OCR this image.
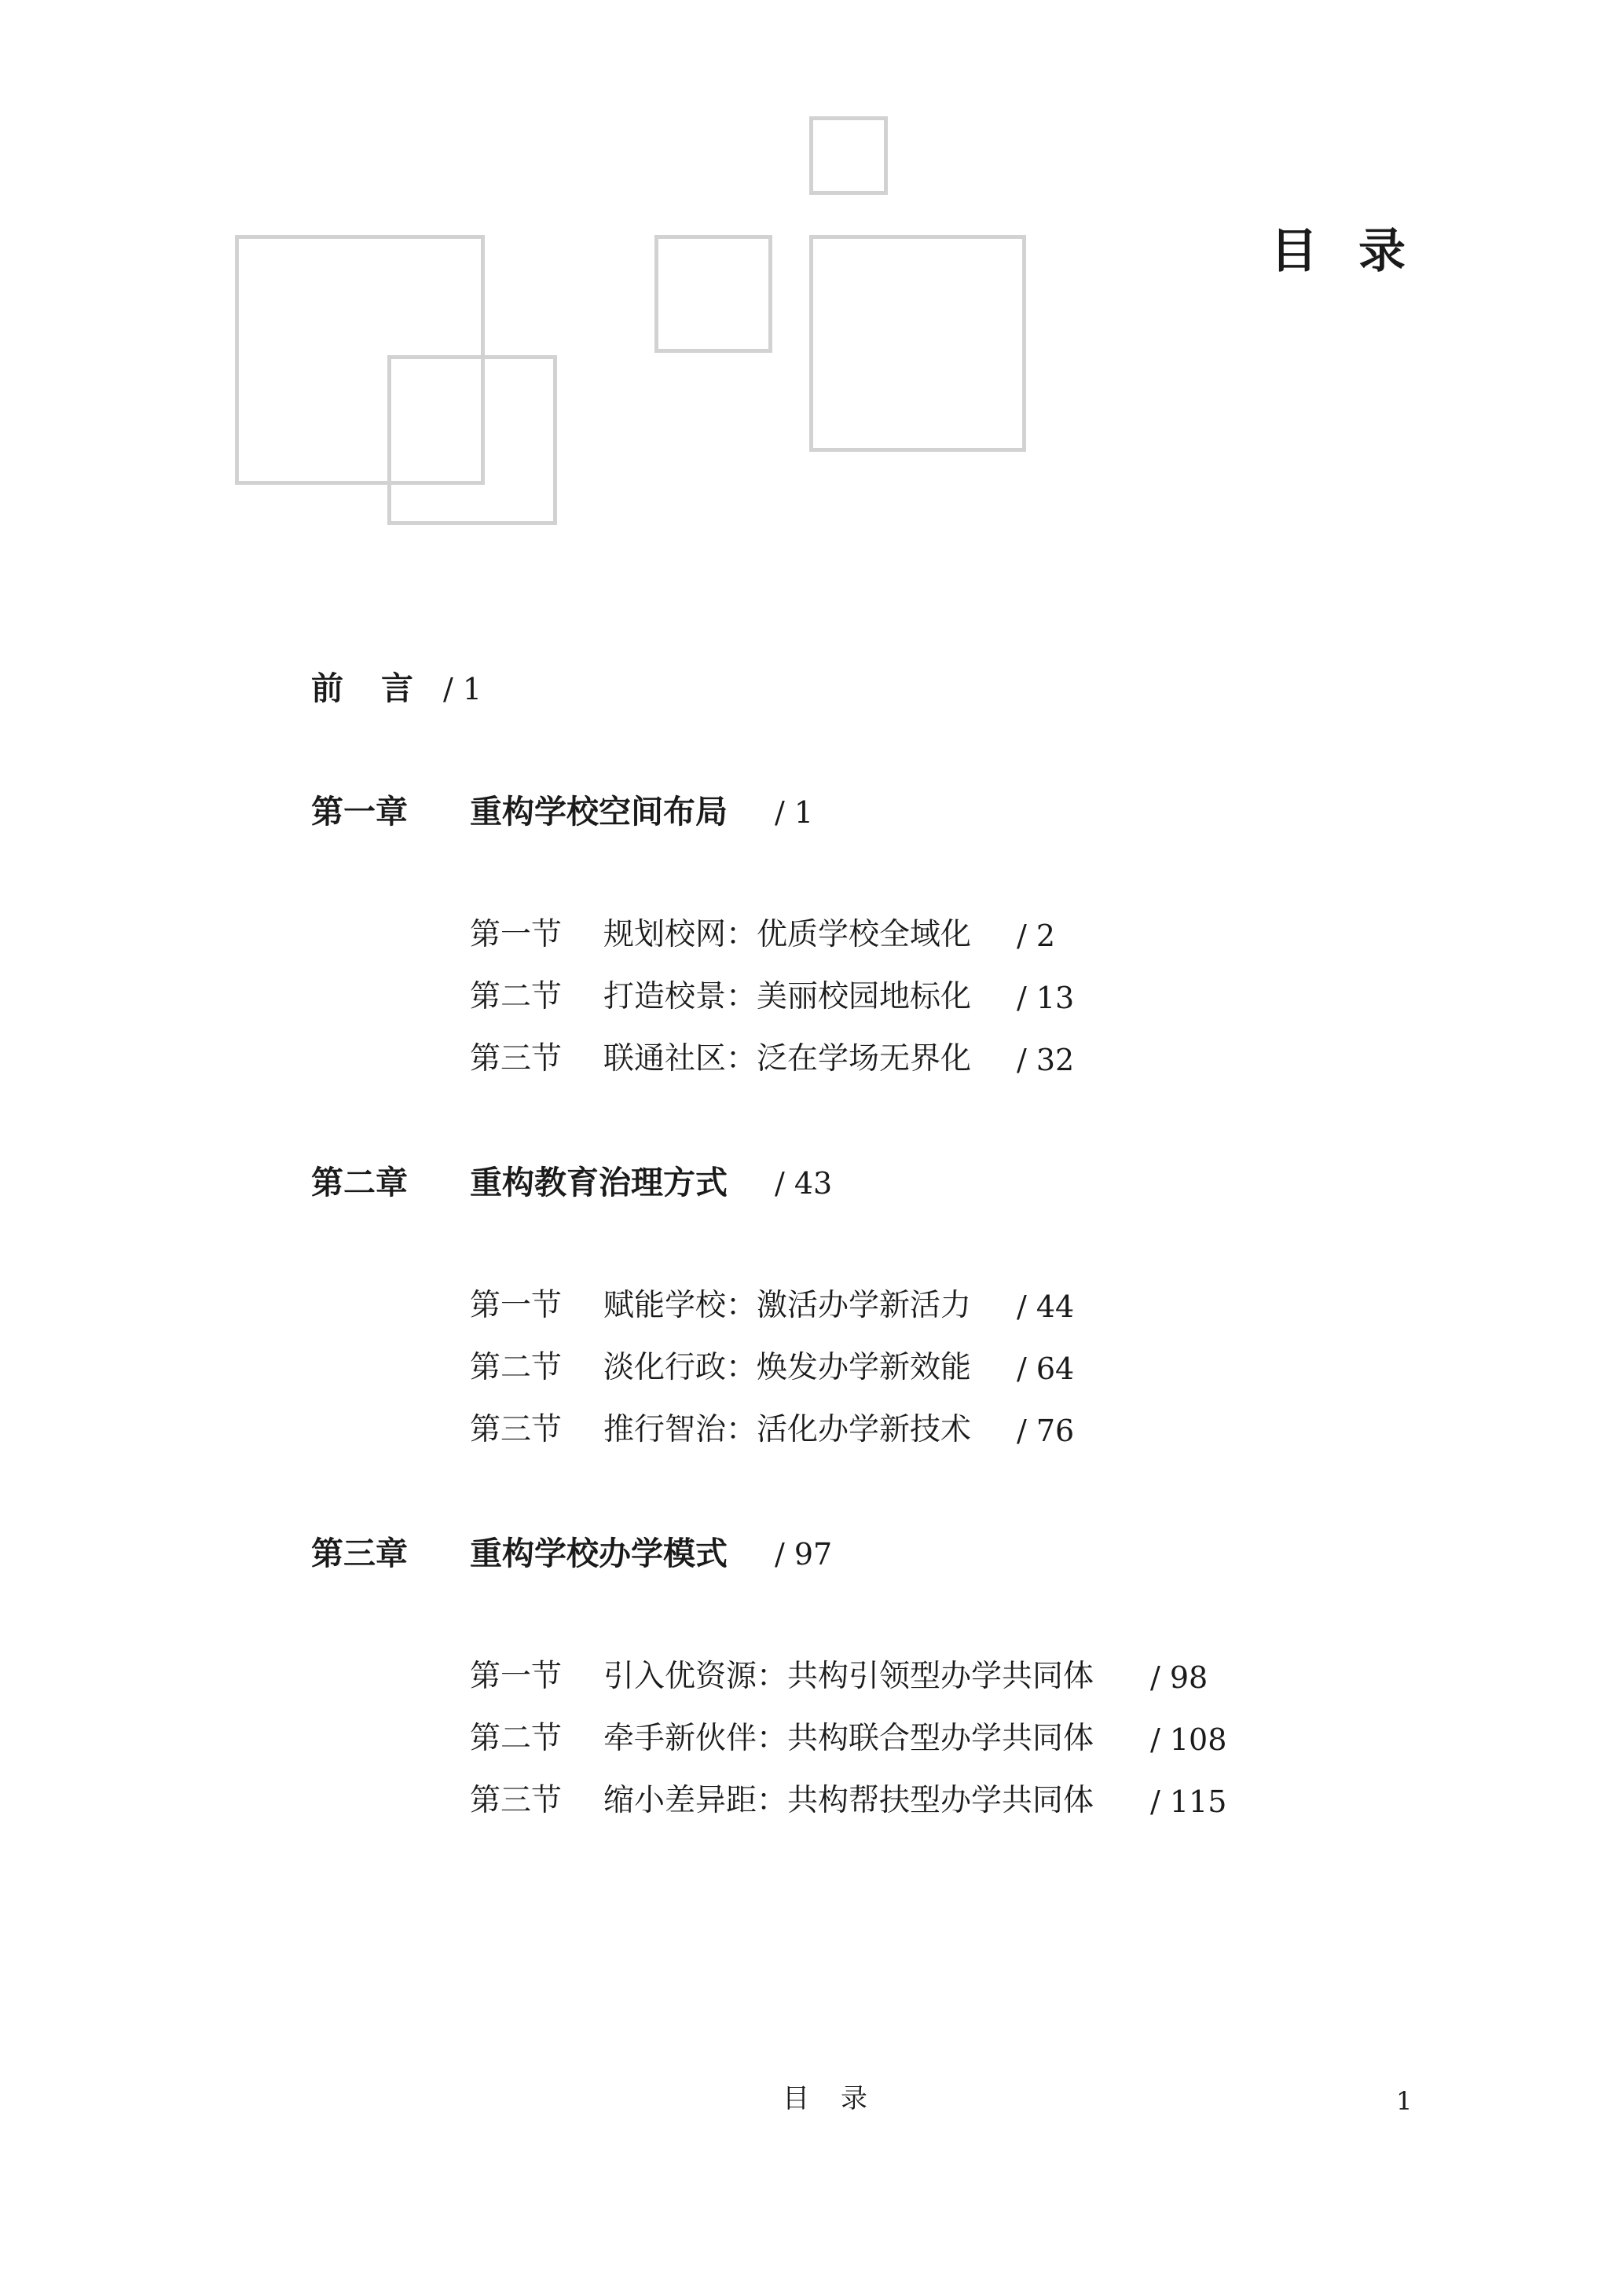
目录
前言
/ 1
第一章 重构学校空间布局 / 1
第一节 规划校网：优质学校全域化 / 2
第二节 打造校景：美丽校园地标化 / 13
第三节 联通社区：泛在学场无界化 / 32
第二章 重构教育治理方式 / 43
第一节 赋能学校：激活办学新活力 / 44
第二节 淡化行政：焕发办学新效能 / 64
第三节 推行智治：活化办学新技术 / 76
第三章 重构学校办学模式 / 97
第一节 引入优资源：共构引领型办学共同体 / 98
第二节 牵手新伙伴：共构联合型办学共同体 / 108
第三节 缩小差异距：共构帮扶型办学共同体 / 115
目录	1
